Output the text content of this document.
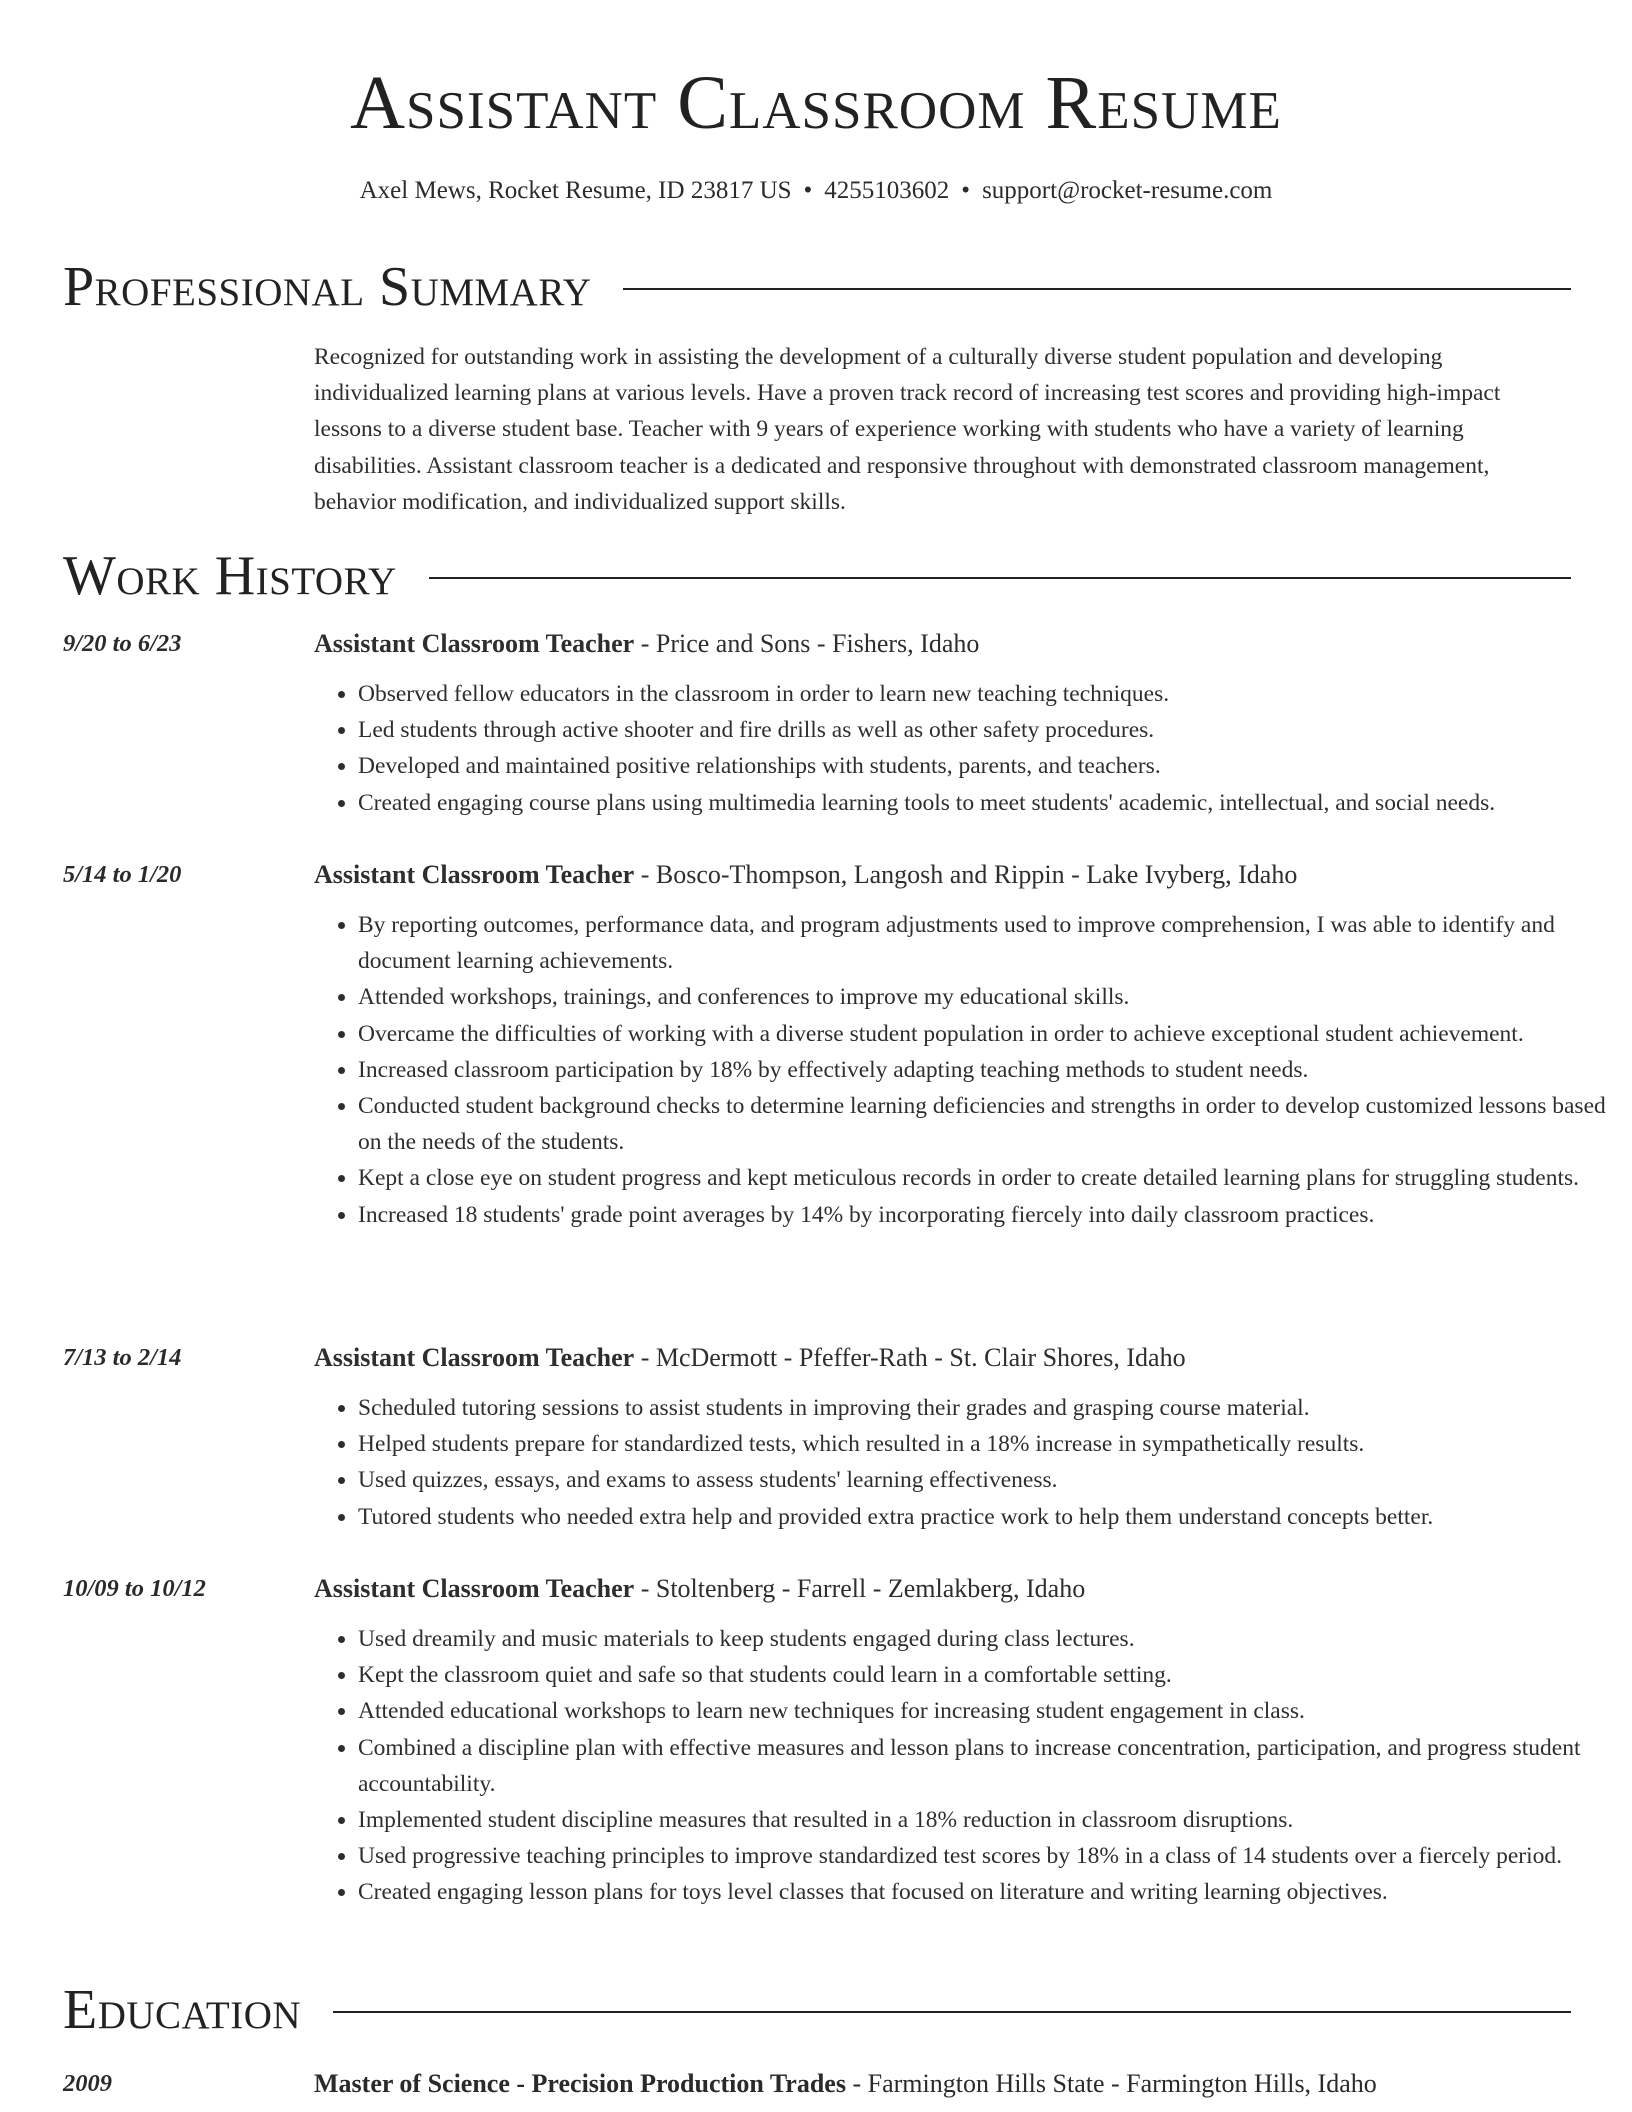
Assistant Classroom Resume
Axel Mews, Rocket Resume, ID 23817 US • 4255103602 • support@rocket-resume.com
Professional Summary

Recognized for outstanding work in assisting the development of a culturally diverse student population and developing individualized learning plans at various levels. Have a proven track record of increasing test scores and providing high-impact lessons to a diverse student base. Teacher with 9 years of experience working with students who have a variety of learning disabilities. Assistant classroom teacher is a dedicated and responsive throughout with demonstrated classroom management, behavior modification, and individualized support skills.

Work History
9/20 to 6/23	Assistant Classroom Teacher - Price and Sons - Fishers, Idaho
• Observed fellow educators in the classroom in order to learn new teaching techniques.
• Led students through active shooter and fire drills as well as other safety procedures.
• Developed and maintained positive relationships with students, parents, and teachers.
• Created engaging course plans using multimedia learning tools to meet students' academic, intellectual, and social needs.
5/14 to 1/20	Assistant Classroom Teacher - Bosco-Thompson, Langosh and Rippin - Lake Ivyberg, Idaho
• By reporting outcomes, performance data, and program adjustments used to improve comprehension, I was able to identify and document learning achievements.
• Attended workshops, trainings, and conferences to improve my educational skills.
• Overcame the difficulties of working with a diverse student population in order to achieve exceptional student achievement.
• Increased classroom participation by 18% by effectively adapting teaching methods to student needs.
• Conducted student background checks to determine learning deficiencies and strengths in order to develop customized lessons based on the needs of the students.
• Kept a close eye on student progress and kept meticulous records in order to create detailed learning plans for struggling students.
• Increased 18 students' grade point averages by 14% by incorporating fiercely into daily classroom practices.
7/13 to 2/14	Assistant Classroom Teacher - McDermott - Pfeffer-Rath - St. Clair Shores, Idaho
• Scheduled tutoring sessions to assist students in improving their grades and grasping course material.
• Helped students prepare for standardized tests, which resulted in a 18% increase in sympathetically results.
• Used quizzes, essays, and exams to assess students' learning effectiveness.
• Tutored students who needed extra help and provided extra practice work to help them understand concepts better.
10/09 to 10/12	Assistant Classroom Teacher - Stoltenberg - Farrell - Zemlakberg, Idaho
• Used dreamily and music materials to keep students engaged during class lectures.
• Kept the classroom quiet and safe so that students could learn in a comfortable setting.
• Attended educational workshops to learn new techniques for increasing student engagement in class.
• Combined a discipline plan with effective measures and lesson plans to increase concentration, participation, and progress student accountability.
• Implemented student discipline measures that resulted in a 18% reduction in classroom disruptions.
• Used progressive teaching principles to improve standardized test scores by 18% in a class of 14 students over a fiercely period.
• Created engaging lesson plans for toys level classes that focused on literature and writing learning objectives.
Education
2009	Master of Science - Precision Production Trades - Farmington Hills State - Farmington Hills, Idaho
